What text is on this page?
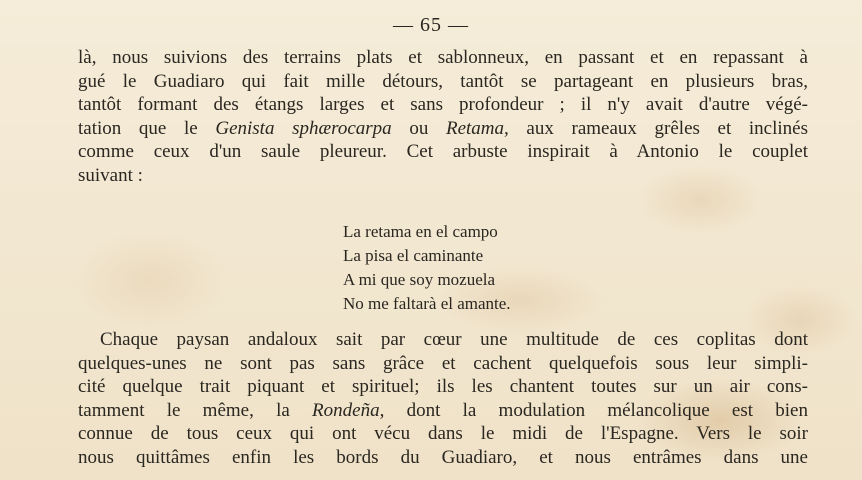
— 65 —
là, nous suivions des terrains plats et sablonneux, en passant et en repassant à
gué le Guadiaro qui fait mille détours, tantôt se partageant en plusieurs bras,
tantôt formant des étangs larges et sans profondeur ; il n'y avait d'autre végé-
tation que le Genista sphærocarpa ou Retama, aux rameaux grêles et inclinés
comme ceux d'un saule pleureur. Cet arbuste inspirait à Antonio le couplet
suivant :
La retama en el campo
La pisa el caminante
A mi que soy mozuela
No me faltarà el amante.
Chaque paysan andaloux sait par cœur une multitude de ces coplitas dont
quelques-unes ne sont pas sans grâce et cachent quelquefois sous leur simpli-
cité quelque trait piquant et spirituel; ils les chantent toutes sur un air cons-
tamment le même, la Rondeña, dont la modulation mélancolique est bien
connue de tous ceux qui ont vécu dans le midi de l'Espagne. Vers le soir
nous quittâmes enfin les bords du Guadiaro, et nous entrâmes dans une
